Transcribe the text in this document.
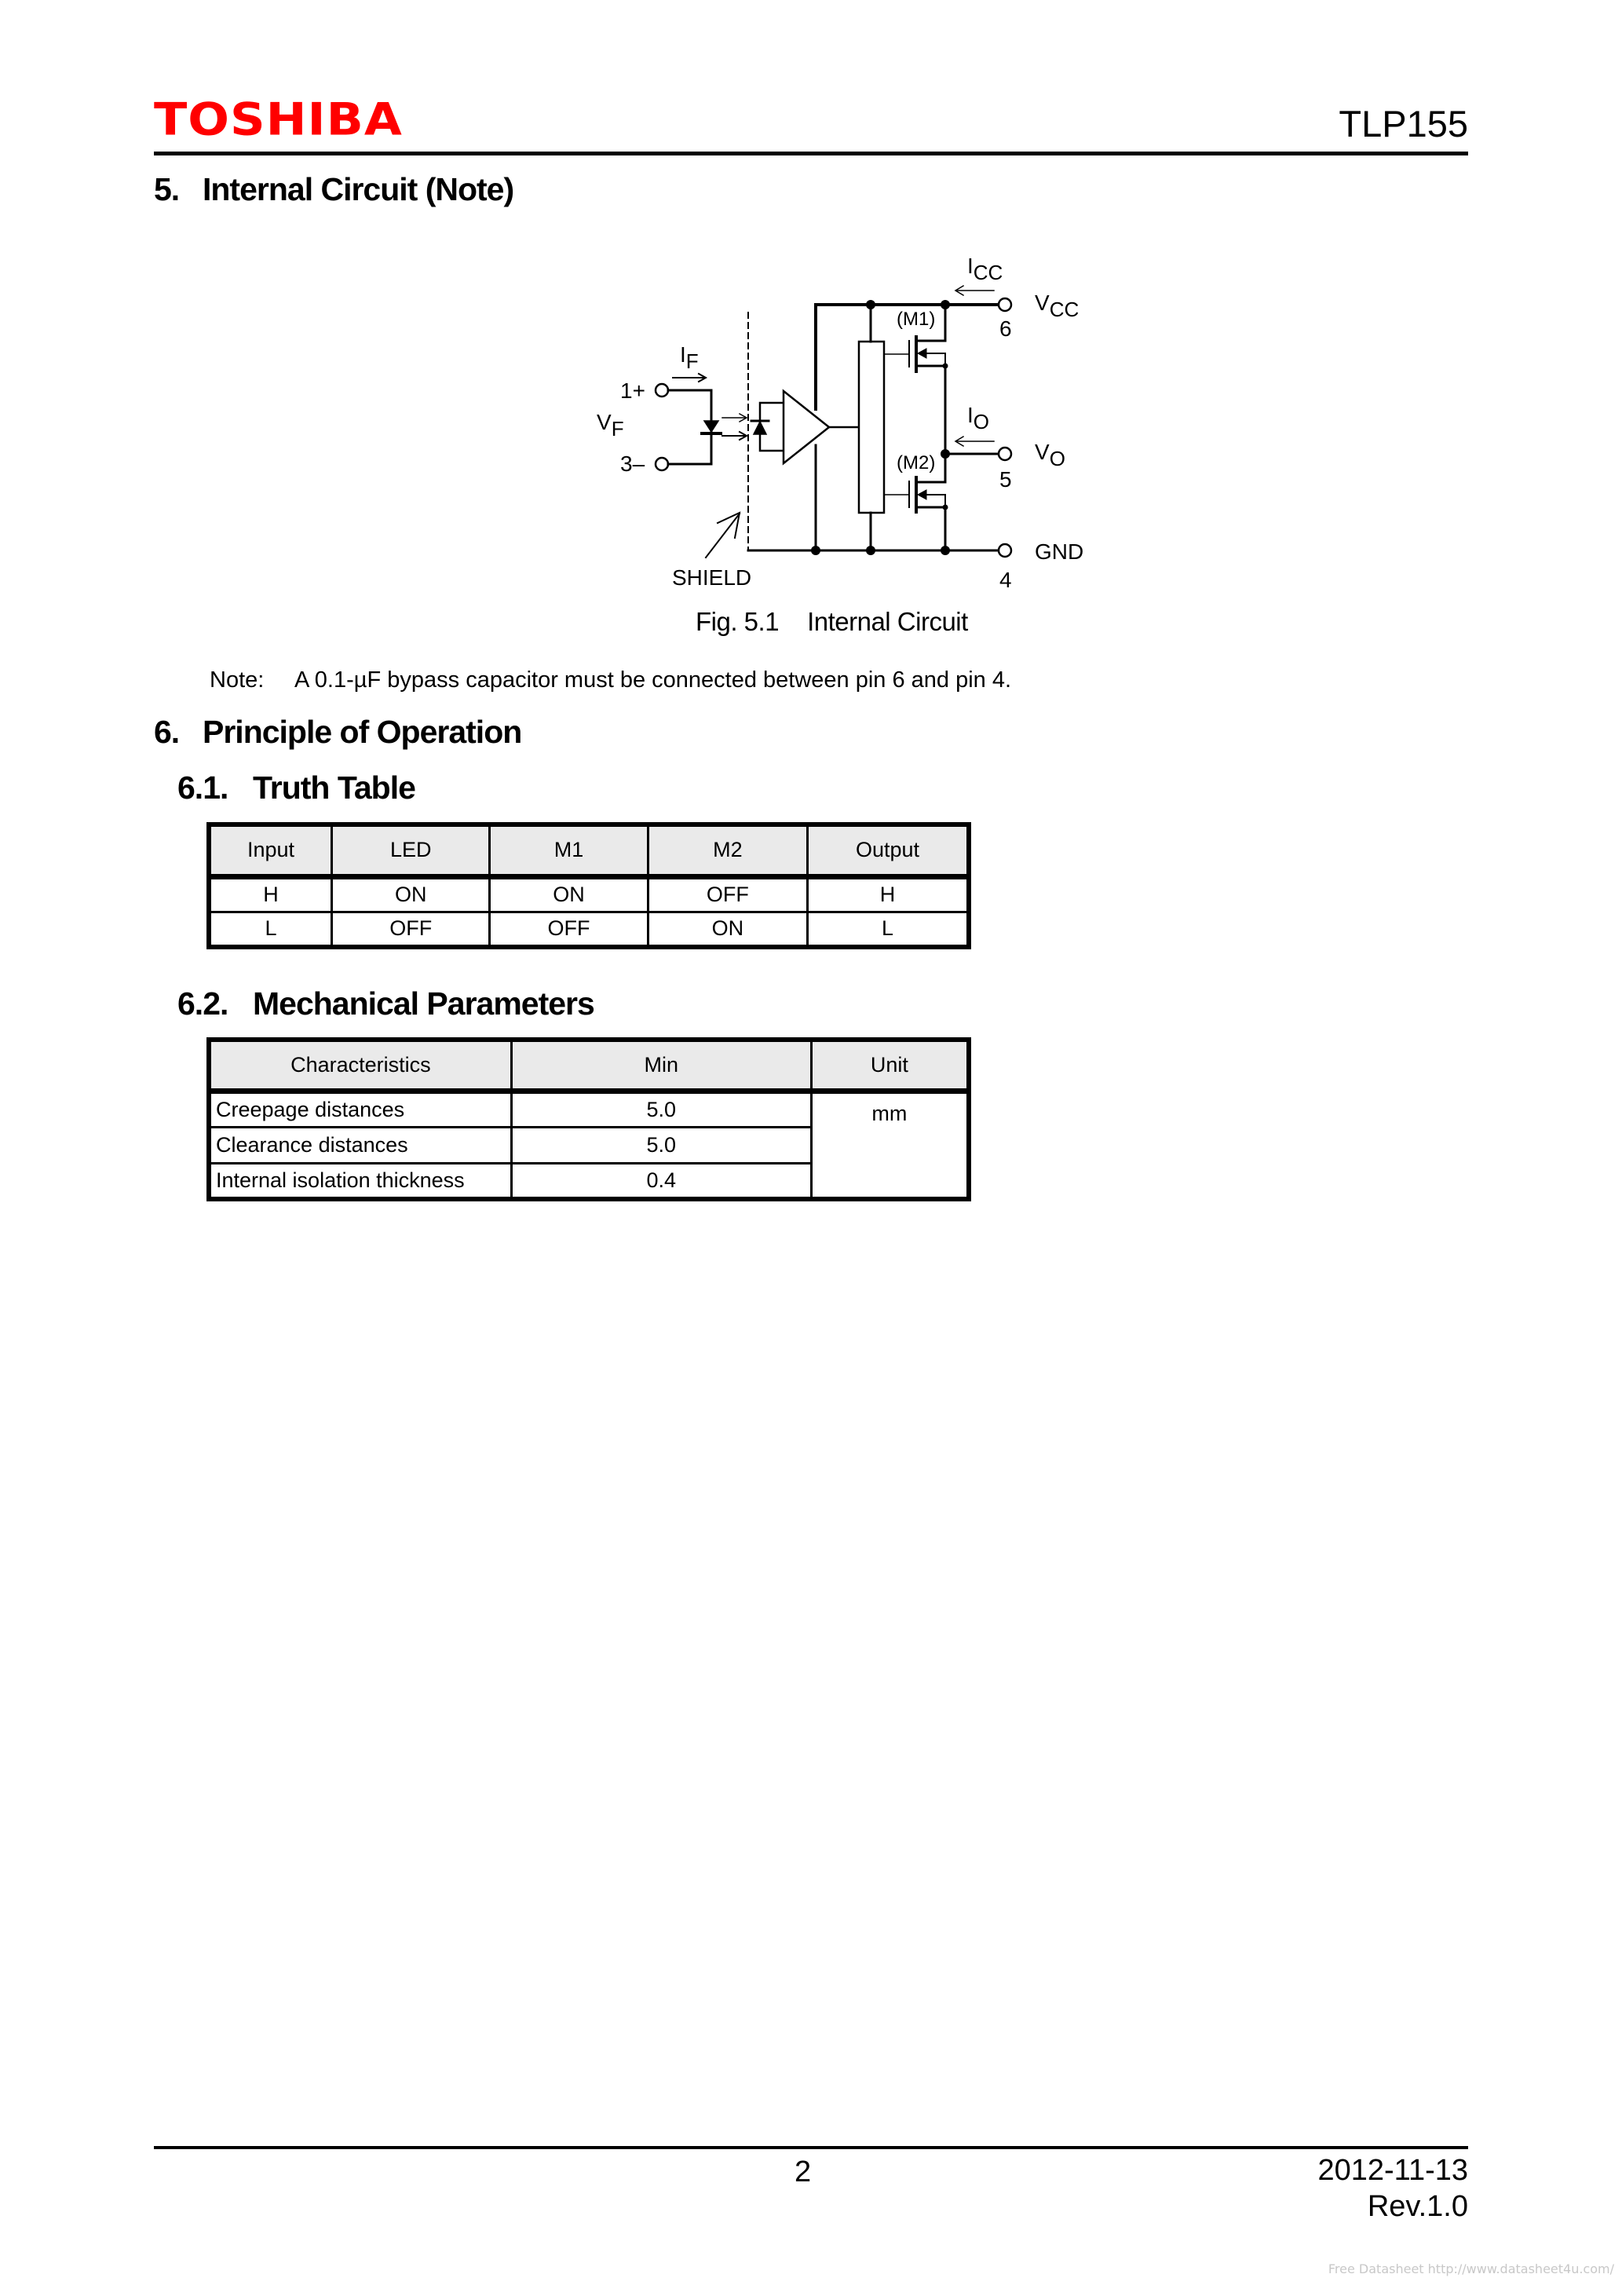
TOSHIBA	TLP155
5. Internal Circuit (Note)
IF
1+
VF
3–
SHIELD
ICC
VCC
6
(M1)
IO
VO
5
(M2)
GND
4
Fig. 5.1 Internal Circuit
Note: A 0.1-µF bypass capacitor must be connected between pin 6 and pin 4.
6. Principle of Operation
6.1. Truth Table
Input	LED	M1	M2	Output
H	ON	ON	OFF	H
L	OFF	OFF	ON	L
6.2. Mechanical Parameters
Characteristics	Min	Unit
Creepage distances	5.0	mm
Clearance distances	5.0	
Internal isolation thickness	0.4	
2	2012-11-13
Rev.1.0
Free Datasheet http://www.datasheet4u.com/
